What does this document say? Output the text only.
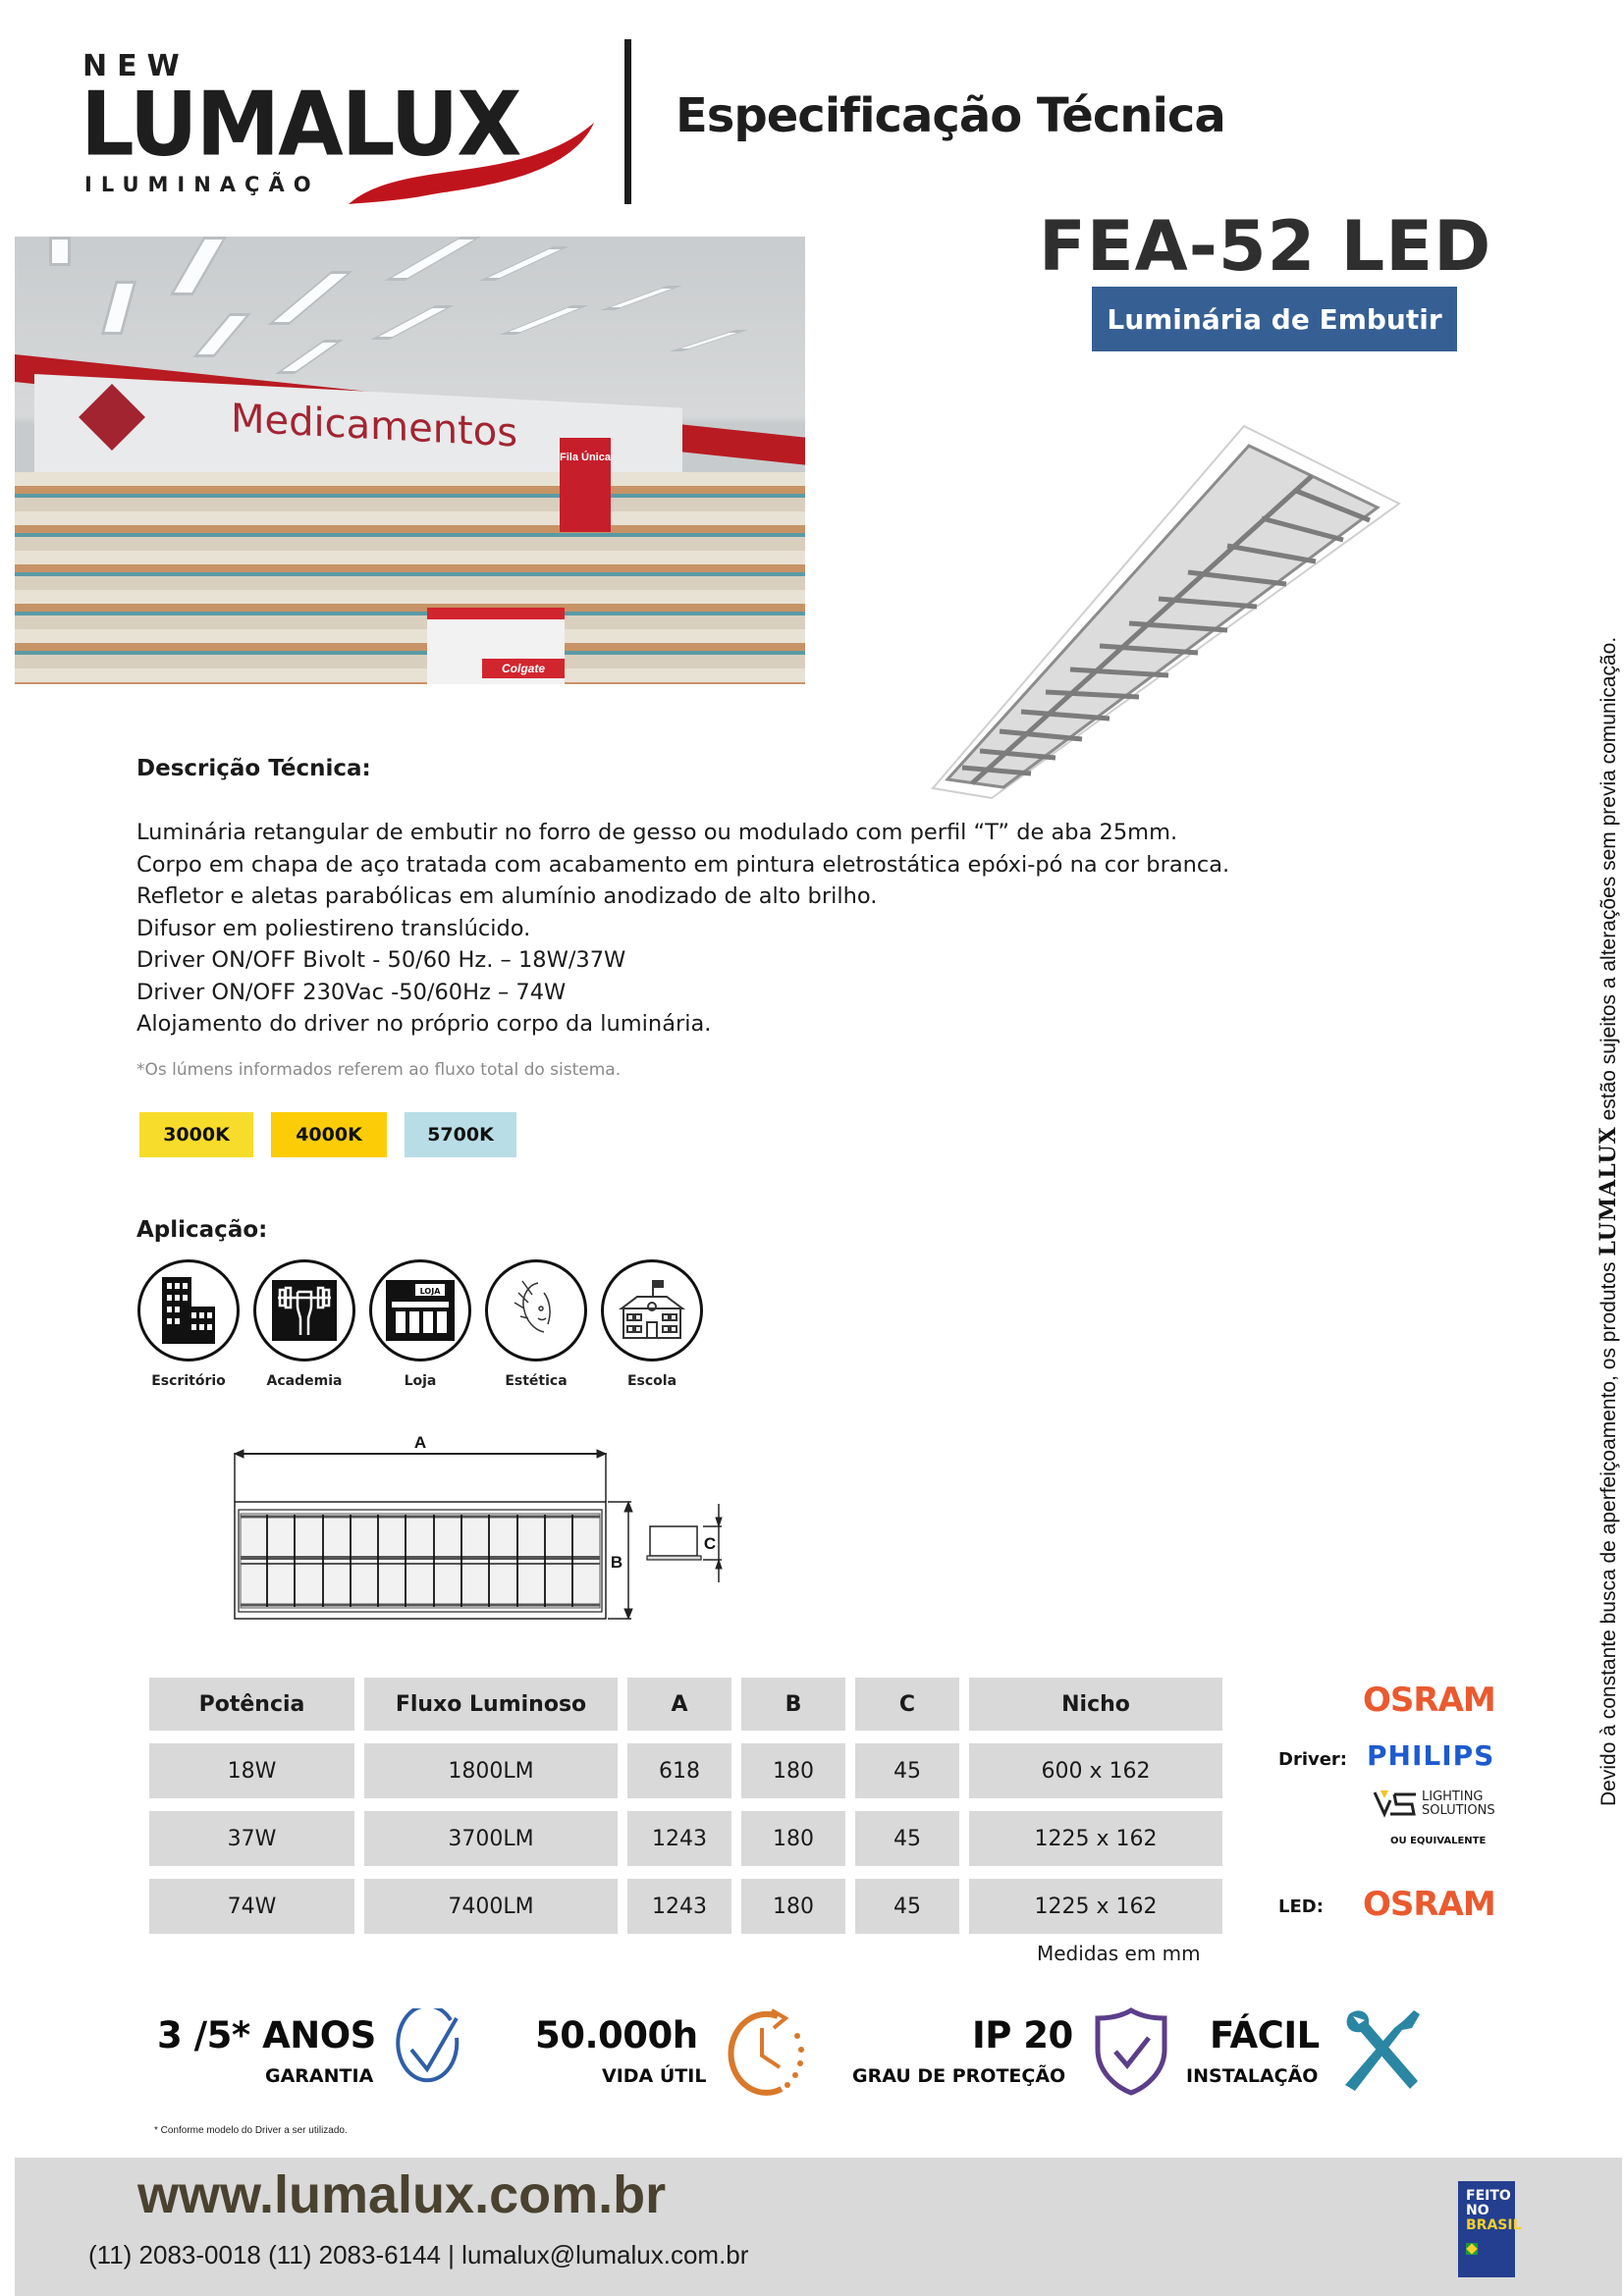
NEW
LUMALUX
ILUMINAÇÃO
Especificação Técnica
FEA-52 LED
Luminária de Embutir
Medicamentos
Fila Única
Colgate
Descrição Técnica:
Luminária retangular de embutir no forro de gesso ou modulado com perfil “T” de aba 25mm.
Corpo em chapa de aço tratada com acabamento em pintura eletrostática epóxi-pó na cor branca.
Refletor e aletas parabólicas em alumínio anodizado de alto brilho.
Difusor em poliestireno translúcido.
Driver ON/OFF Bivolt - 50/60 Hz. – 18W/37W
Driver ON/OFF 230Vac -50/60Hz – 74W
Alojamento do driver no próprio corpo da luminária.
*Os lúmens informados referem ao fluxo total do sistema.
3000K	4000K	5700K
Aplicação:
Escritório	Academia
LOJA
Loja	Estética	Escola
A
B
C
Potência	Fluxo Luminoso	A	B	C	Nicho
18W	1800LM	618	180	45	600 x 162
37W	3700LM	1243	180	45	1225 x 162
74W	7400LM	1243	180	45	1225 x 162
Medidas em mm
OSRAM
Driver: PHILIPS
LIGHTING
SOLUTIONS
OU EQUIVALENTE
LED: OSRAM
3 /5* ANOS
GARANTIA
50.000h
VIDA ÚTIL
IP 20
GRAU DE PROTEÇÃO
FÁCIL
INSTALAÇÃO
* Conforme modelo do Driver a ser utilizado.
www.lumalux.com.br
(11) 2083-0018 (11) 2083-6144 | lumalux@lumalux.com.br
FEITO
NO
BRASIL
Devido à constante busca de aperfeiçoamento, os produtos LUMALUX estão sujeitos a alterações sem previa comunicação.
